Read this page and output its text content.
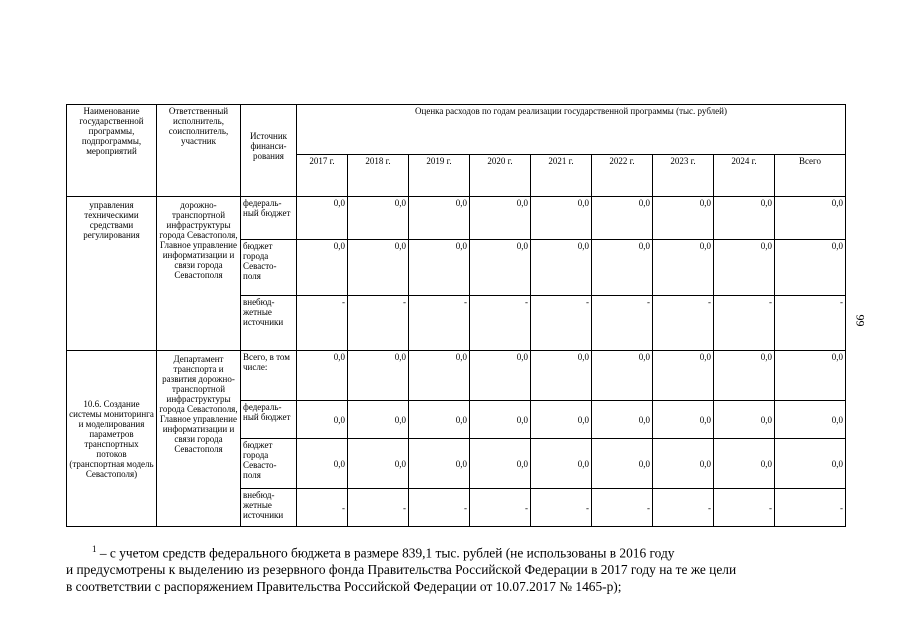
Наименование государственной программы, подпрограммы, мероприятий	Ответственный исполнитель, соисполнитель, участник	Источник финанси-рования	Оценка расходов по годам реализации государственной программы (тыс. рублей)								
			2017 г.	2018 г.	2019 г.	2020 г.	2021 г.	2022 г.	2023 г.	2024 г.	Всего
управления техническими средствами регулирования	дорожно-транспортной инфраструктуры города Севастополя, Главное управление информатизации и связи города Севастополя	федераль-ный бюджет	0,0	0,0	0,0	0,0	0,0	0,0	0,0	0,0	0,0
		бюджет города Севасто-поля	0,0	0,0	0,0	0,0	0,0	0,0	0,0	0,0	0,0
		внебюд-жетные источники	-	-	-	-	-	-	-	-	-
10.6. Создание системы мониторинга и моделирования параметров транспортных потоков (транспортная модель Севастополя)	Департамент транспорта и развития дорожно-транспортной инфраструктуры города Севастополя, Главное управление информатизации и связи города Севастополя	Всего, в том числе:	0,0	0,0	0,0	0,0	0,0	0,0	0,0	0,0	0,0
		федераль-ный бюджет	0,0	0,0	0,0	0,0	0,0	0,0	0,0	0,0	0,0
		бюджет города Севасто-поля	0,0	0,0	0,0	0,0	0,0	0,0	0,0	0,0	0,0
		внебюд-жетные источники	-	-	-	-	-	-	-	-	-
99

$^1$ – с учетом средств федерального бюджета в размере 839,1 тыс. рублей (не использованы в 2016 году

и предусмотрены к выделению из резервного фонда Правительства Российской Федерации в 2017 году на те же цели

в соответствии с распоряжением Правительства Российской Федерации от 10.07.2017 № 1465-р);
